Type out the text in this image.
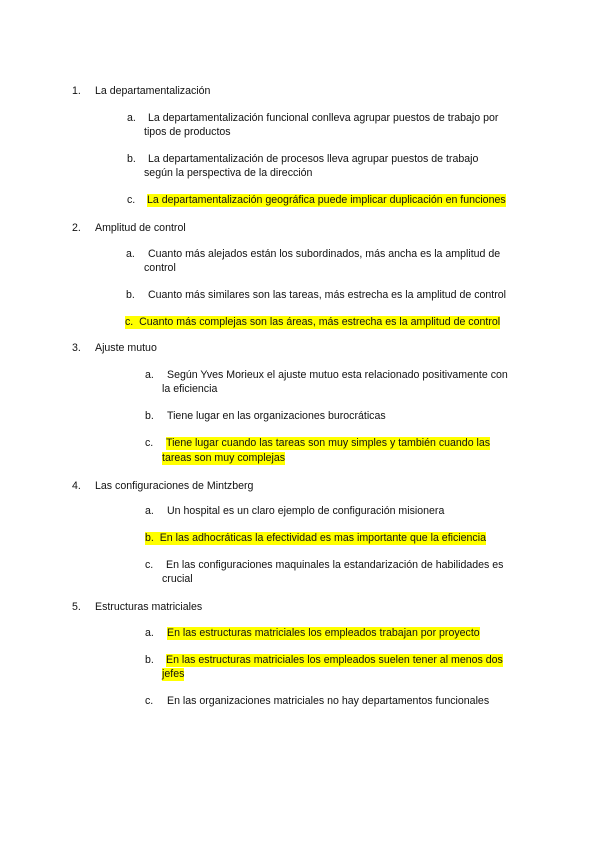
1. La departamentalización
a. La departamentalización funcional conlleva agrupar puestos de trabajo por
tipos de productos
b. La departamentalización de procesos lleva agrupar puestos de trabajo
según la perspectiva de la dirección
c. La departamentalización geográfica puede implicar duplicación en funciones
2. Amplitud de control
a. Cuanto más alejados están los subordinados, más ancha es la amplitud de
control
b. Cuanto más similares son las tareas, más estrecha es la amplitud de control
c. Cuanto más complejas son las áreas, más estrecha es la amplitud de control
3. Ajuste mutuo
a. Según Yves Morieux el ajuste mutuo esta relacionado positivamente con
la eficiencia
b. Tiene lugar en las organizaciones burocráticas
c. Tiene lugar cuando las tareas son muy simples y también cuando las
tareas son muy complejas
4. Las configuraciones de Mintzberg
a. Un hospital es un claro ejemplo de configuración misionera
b. En las adhocráticas la efectividad es mas importante que la eficiencia
c. En las configuraciones maquinales la estandarización de habilidades es
crucial
5. Estructuras matriciales
a. En las estructuras matriciales los empleados trabajan por proyecto
b. En las estructuras matriciales los empleados suelen tener al menos dos
jefes
c. En las organizaciones matriciales no hay departamentos funcionales
